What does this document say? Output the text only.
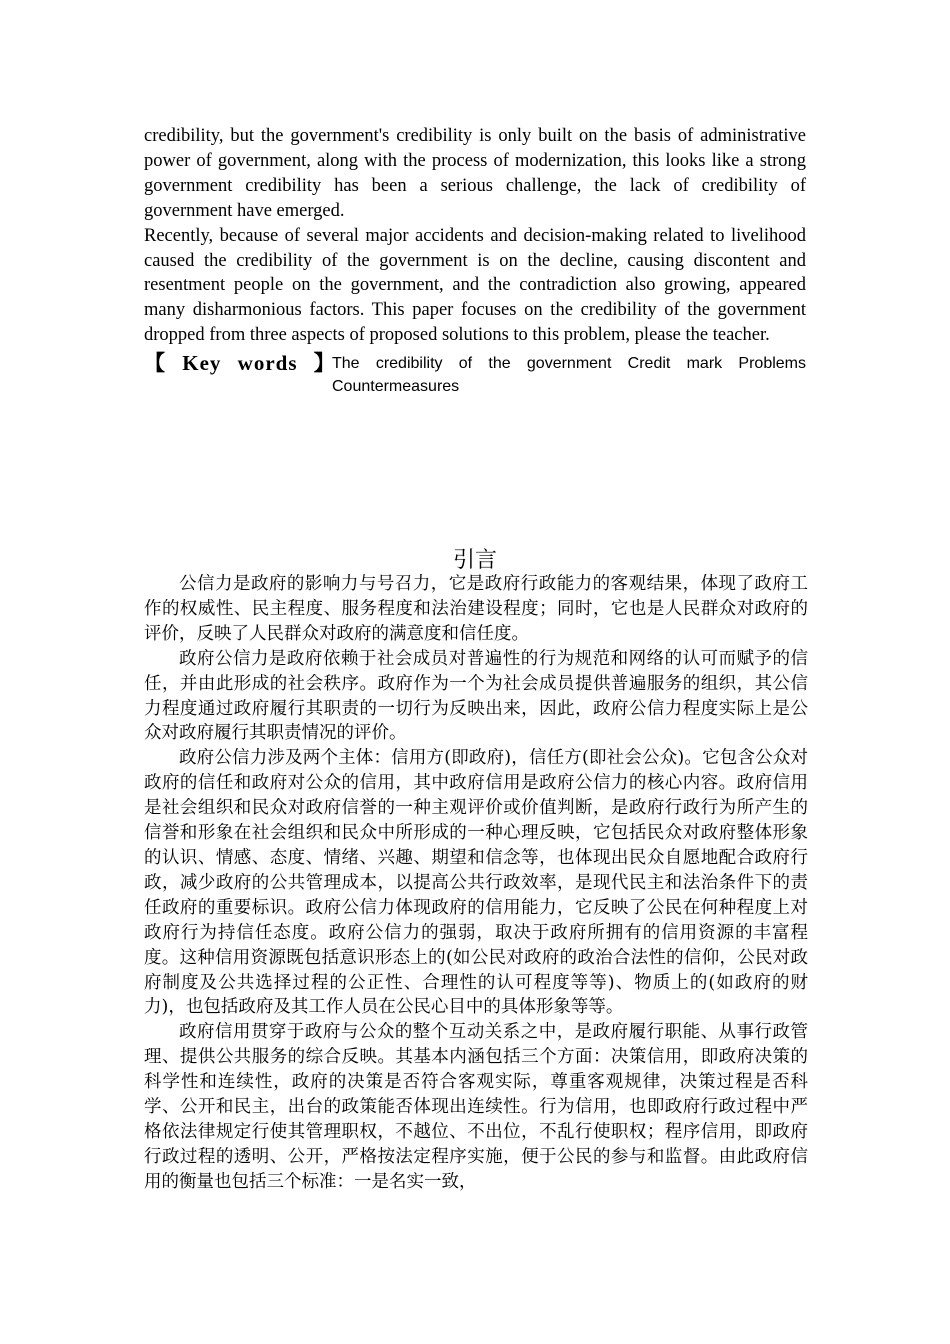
credibility, but the government's credibility is only built on the basis of administrative power of government, along with the process of modernization, this looks like a strong government credibility has been a serious challenge, the lack of credibility of government have emerged.

Recently, because of several major accidents and decision-making related to livelihood caused the credibility of the government is on the decline, causing discontent and resentment people on the government, and the contradiction also growing, appeared many disharmonious factors. This paper focuses on the credibility of the government dropped from three aspects of proposed solutions to this problem, please the teacher.

【 Key words 】
The credibility of the government Credit mark Problems
Countermeasures
引言

公信力是政府的影响力与号召力，它是政府行政能力的客观结果，体现了政府工作的权威性、民主程度、服务程度和法治建设程度；同时，它也是人民群众对政府的评价，反映了人民群众对政府的满意度和信任度。

政府公信力是政府依赖于社会成员对普遍性的行为规范和网络的认可而赋予的信任，并由此形成的社会秩序。政府作为一个为社会成员提供普遍服务的组织，其公信力程度通过政府履行其职责的一切行为反映出来，因此，政府公信力程度实际上是公众对政府履行其职责情况的评价。

政府公信力涉及两个主体：信用方(即政府)，信任方(即社会公众)。它包含公众对政府的信任和政府对公众的信用，其中政府信用是政府公信力的核心内容。政府信用是社会组织和民众对政府信誉的一种主观评价或价值判断，是政府行政行为所产生的信誉和形象在社会组织和民众中所形成的一种心理反映，它包括民众对政府整体形象的认识、情感、态度、情绪、兴趣、期望和信念等，也体现出民众自愿地配合政府行政，减少政府的公共管理成本，以提高公共行政效率，是现代民主和法治条件下的责任政府的重要标识。政府公信力体现政府的信用能力，它反映了公民在何种程度上对政府行为持信任态度。政府公信力的强弱，取决于政府所拥有的信用资源的丰富程度。这种信用资源既包括意识形态上的(如公民对政府的政治合法性的信仰，公民对政府制度及公共选择过程的公正性、合理性的认可程度等等)、物质上的(如政府的财力)，也包括政府及其工作人员在公民心目中的具体形象等等。

政府信用贯穿于政府与公众的整个互动关系之中，是政府履行职能、从事行政管理、提供公共服务的综合反映。其基本内涵包括三个方面：决策信用，即政府决策的科学性和连续性，政府的决策是否符合客观实际，尊重客观规律，决策过程是否科学、公开和民主，出台的政策能否体现出连续性。行为信用，也即政府行政过程中严格依法律规定行使其管理职权，不越位、不出位，不乱行使职权；程序信用，即政府行政过程的透明、公开，严格按法定程序实施，便于公民的参与和监督。由此政府信用的衡量也包括三个标准：一是名实一致，
